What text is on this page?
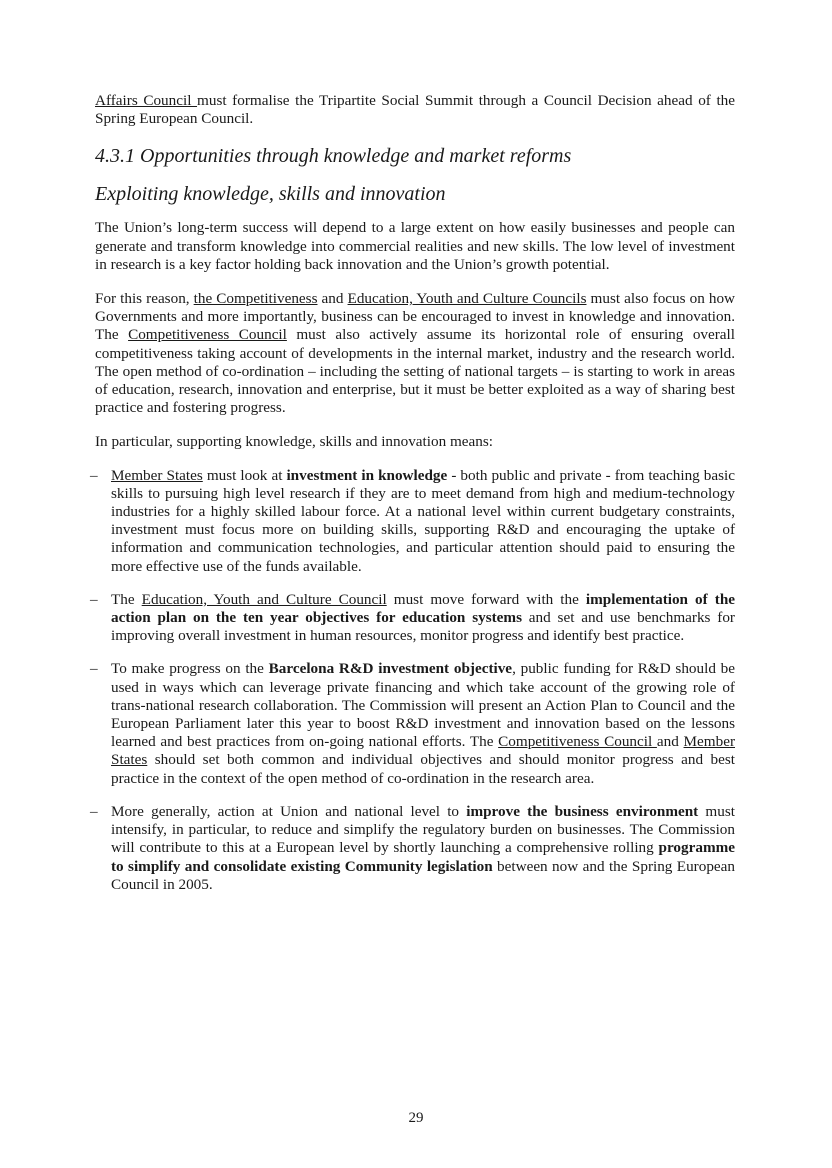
Affairs Council must formalise the Tripartite Social Summit through a Council Decision ahead of the Spring European Council.

4.3.1 Opportunities through knowledge and market reforms
Exploiting knowledge, skills and innovation

The Union’s long-term success will depend to a large extent on how easily businesses and people can generate and transform knowledge into commercial realities and new skills. The low level of investment in research is a key factor holding back innovation and the Union’s growth potential.

For this reason, the Competitiveness and Education, Youth and Culture Councils must also focus on how Governments and more importantly, business can be encouraged to invest in knowledge and innovation. The Competitiveness Council must also actively assume its horizontal role of ensuring overall competitiveness taking account of developments in the internal market, industry and the research world. The open method of co-ordination – including the setting of national targets – is starting to work in areas of education, research, innovation and enterprise, but it must be better exploited as a way of sharing best practice and fostering progress.

In particular, supporting knowledge, skills and innovation means:

– Member States must look at investment in knowledge - both public and private - from teaching basic skills to pursuing high level research if they are to meet demand from high and medium-technology industries for a highly skilled labour force. At a national level within current budgetary constraints, investment must focus more on building skills, supporting R&D and encouraging the uptake of information and communication technologies, and particular attention should paid to ensuring the more effective use of the funds available.
– The Education, Youth and Culture Council must move forward with the implementation of the action plan on the ten year objectives for education systems and set and use benchmarks for improving overall investment in human resources, monitor progress and identify best practice.
– To make progress on the Barcelona R&D investment objective, public funding for R&D should be used in ways which can leverage private financing and which take account of the growing role of trans-national research collaboration. The Commission will present an Action Plan to Council and the European Parliament later this year to boost R&D investment and innovation based on the lessons learned and best practices from on-going national efforts. The Competitiveness Council and Member States should set both common and individual objectives and should monitor progress and best practice in the context of the open method of co-ordination in the research area.
– More generally, action at Union and national level to improve the business environment must intensify, in particular, to reduce and simplify the regulatory burden on businesses. The Commission will contribute to this at a European level by shortly launching a comprehensive rolling programme to simplify and consolidate existing Community legislation between now and the Spring European Council in 2005.
29
